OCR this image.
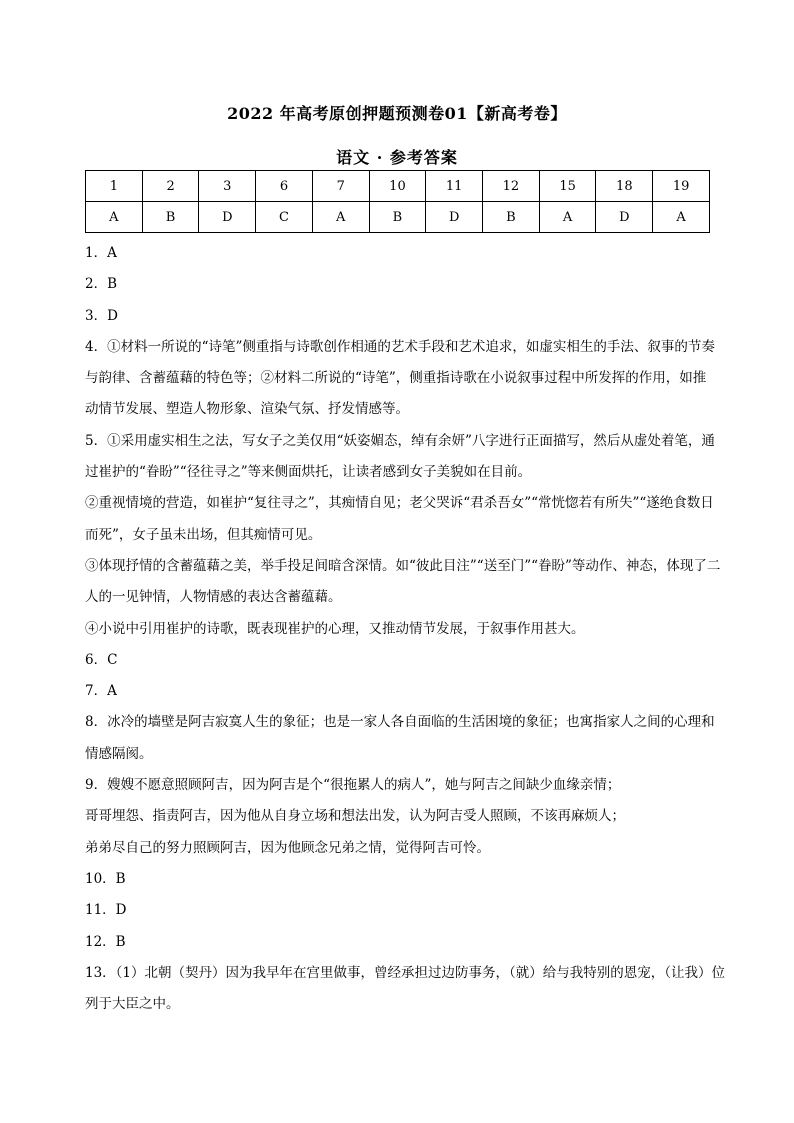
2022 年高考原创押题预测卷01【新高考卷】
语文 · 参考答案
1	2	3	6	7	10	11	12	15	18	19
A	B	D	C	A	B	D	B	A	D	A
1．A
2．B
3．D
4．①材料一所说的“诗笔”侧重指与诗歌创作相通的艺术手段和艺术追求，如虚实相生的手法、叙事的节奏
与韵律、含蓄蕴藉的特色等；②材料二所说的“诗笔”，侧重指诗歌在小说叙事过程中所发挥的作用，如推
动情节发展、塑造人物形象、渲染气氛、抒发情感等。
5．①采用虚实相生之法，写女子之美仅用“妖姿媚态，绰有余妍”八字进行正面描写，然后从虚处着笔，通
过崔护的“眷盼”“径往寻之”等来侧面烘托，让读者感到女子美貌如在目前。
②重视情境的营造，如崔护“复往寻之”，其痴情自见；老父哭诉“君杀吾女”“常恍惚若有所失”“遂绝食数日
而死”，女子虽未出场，但其痴情可见。
③体现抒情的含蓄蕴藉之美，举手投足间暗含深情。如“彼此目注”“送至门”“眷盼”等动作、神态，体现了二
人的一见钟情，人物情感的表达含蓄蕴藉。
④小说中引用崔护的诗歌，既表现崔护的心理，又推动情节发展，于叙事作用甚大。
6．C
7．A
8．冰冷的墙壁是阿吉寂寞人生的象征；也是一家人各自面临的生活困境的象征；也寓指家人之间的心理和
情感隔阂。
9．嫂嫂不愿意照顾阿吉，因为阿吉是个“很拖累人的病人”，她与阿吉之间缺少血缘亲情；
哥哥埋怨、指责阿吉，因为他从自身立场和想法出发，认为阿吉受人照顾，不该再麻烦人；
弟弟尽自己的努力照顾阿吉，因为他顾念兄弟之情，觉得阿吉可怜。
10．B
11．D
12．B
13．（1）北朝（契丹）因为我早年在宫里做事，曾经承担过边防事务，（就）给与我特别的恩宠，（让我）位
列于大臣之中。
